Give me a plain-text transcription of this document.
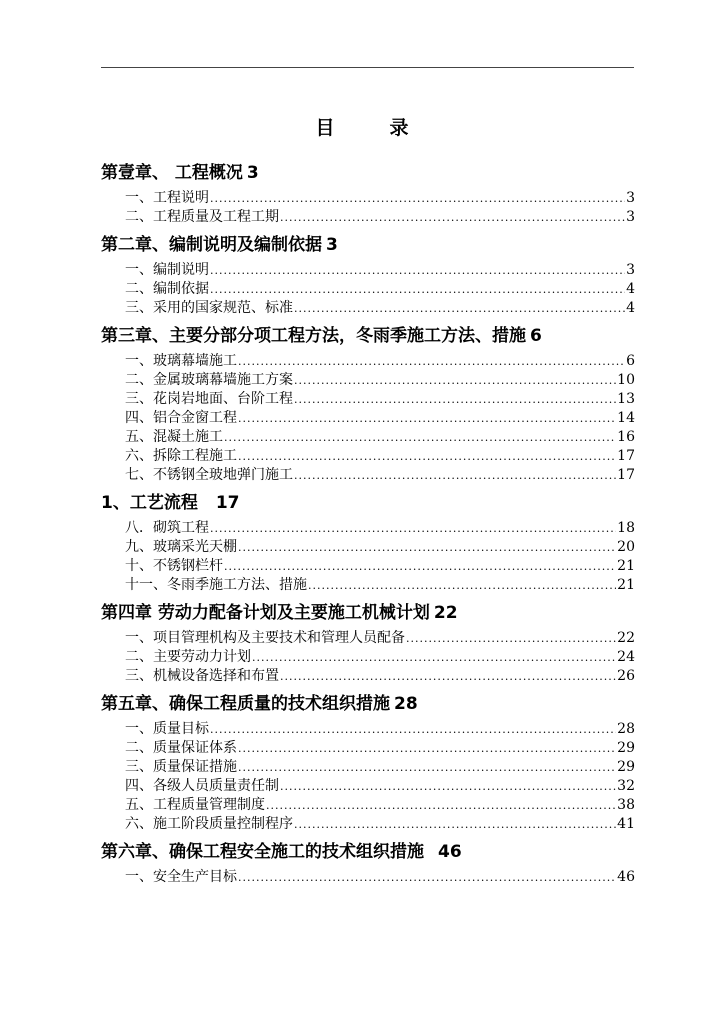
目　录
第壹章、 工程概况 3
一、工程说明 .....	3
二、工程质量及工程工期 .....	3
第二章、编制说明及编制依据 3
一、编制说明 .....	3
二、编制依据 .....	4
三、采用的国家规范、标准 .....	4
第三章、主要分部分项工程方法，冬雨季施工方法、措施 6
一、玻璃幕墙施工 .....	6
二、金属玻璃幕墙施工方案 .....	10
三、花岗岩地面、台阶工程 .....	13
四、铝合金窗工程 .....	14
五、混凝土施工 .....	16
六、拆除工程施工 .....	17
七、不锈钢全玻地弹门施工 .....	17
1、工艺流程 17
八．砌筑工程 .....	18
九、玻璃采光天棚 .....	20
十、不锈钢栏杆 .....	21
十一、冬雨季施工方法、措施 .....	21
第四章 劳动力配备计划及主要施工机械计划 22
一、项目管理机构及主要技术和管理人员配备 .....	22
二、主要劳动力计划 .....	24
三、机械设备选择和布置 .....	26
第五章、确保工程质量的技术组织措施 28
一、质量目标 .....	28
二、质量保证体系 .....	29
三、质量保证措施 .....	29
四、各级人员质量责任制 .....	32
五、工程质量管理制度 .....	38
六、施工阶段质量控制程序 .....	41
第六章、确保工程安全施工的技术组织措施 46
一、安全生产目标 .....	46
